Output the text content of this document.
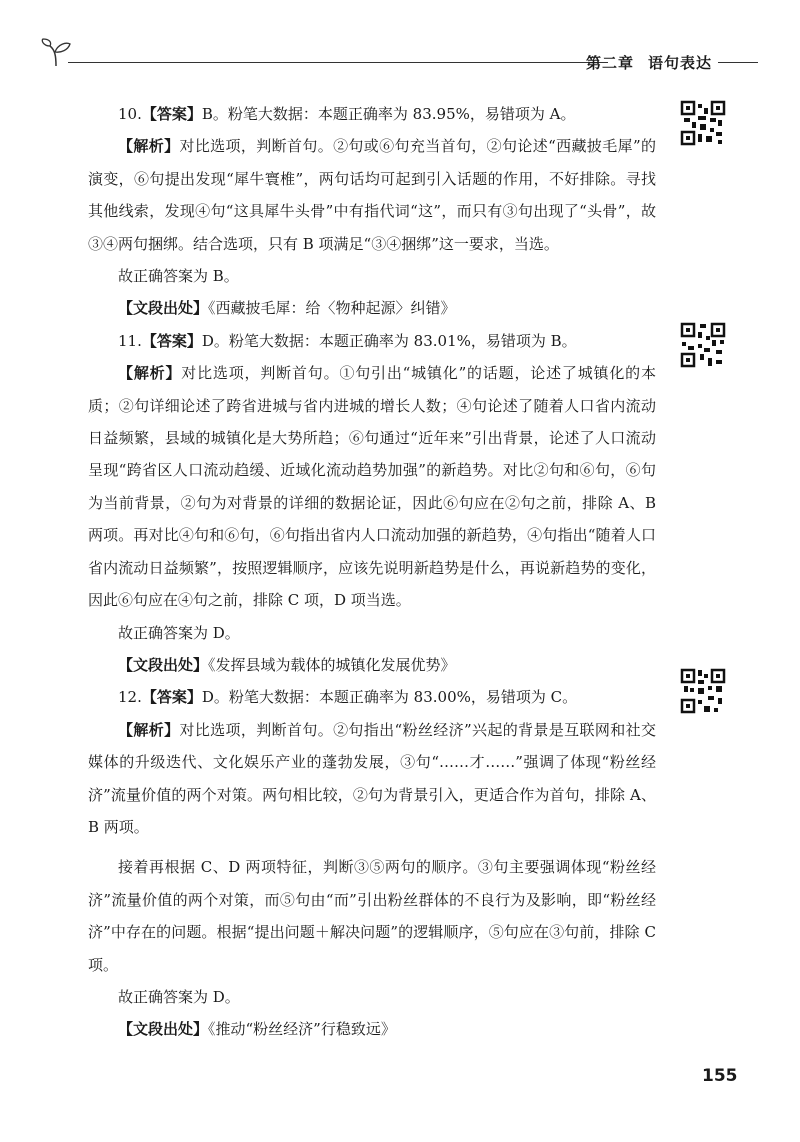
第二章 语句表达

10.【答案】B。粉笔大数据：本题正确率为 83.95%，易错项为 A。

【解析】对比选项，判断首句。②句或⑥句充当首句，②句论述“西藏披毛犀”的演变，⑥句提出发现“犀牛寰椎”，两句话均可起到引入话题的作用，不好排除。寻找其他线索，发现④句“这具犀牛头骨”中有指代词“这”，而只有③句出现了“头骨”，故③④两句捆绑。结合选项，只有 B 项满足“③④捆绑”这一要求，当选。

故正确答案为 B。

【文段出处】《西藏披毛犀：给〈物种起源〉纠错》

11.【答案】D。粉笔大数据：本题正确率为 83.01%，易错项为 B。

【解析】对比选项，判断首句。①句引出“城镇化”的话题，论述了城镇化的本质；②句详细论述了跨省进城与省内进城的增长人数；④句论述了随着人口省内流动日益频繁，县域的城镇化是大势所趋；⑥句通过“近年来”引出背景，论述了人口流动呈现“跨省区人口流动趋缓、近域化流动趋势加强”的新趋势。对比②句和⑥句，⑥句为当前背景，②句为对背景的详细的数据论证，因此⑥句应在②句之前，排除 A、B 两项。再对比④句和⑥句，⑥句指出省内人口流动加强的新趋势，④句指出“随着人口省内流动日益频繁”，按照逻辑顺序，应该先说明新趋势是什么，再说新趋势的变化，因此⑥句应在④句之前，排除 C 项，D 项当选。

故正确答案为 D。

【文段出处】《发挥县域为载体的城镇化发展优势》

12.【答案】D。粉笔大数据：本题正确率为 83.00%，易错项为 C。

【解析】对比选项，判断首句。②句指出“粉丝经济”兴起的背景是互联网和社交媒体的升级迭代、文化娱乐产业的蓬勃发展，③句“……才……”强调了体现“粉丝经济”流量价值的两个对策。两句相比较，②句为背景引入，更适合作为首句，排除 A、B 两项。

接着再根据 C、D 两项特征，判断③⑤两句的顺序。③句主要强调体现“粉丝经济”流量价值的两个对策，而⑤句由“而”引出粉丝群体的不良行为及影响，即“粉丝经济”中存在的问题。根据“提出问题＋解决问题”的逻辑顺序，⑤句应在③句前，排除 C 项。

故正确答案为 D。

【文段出处】《推动“粉丝经济”行稳致远》

155
